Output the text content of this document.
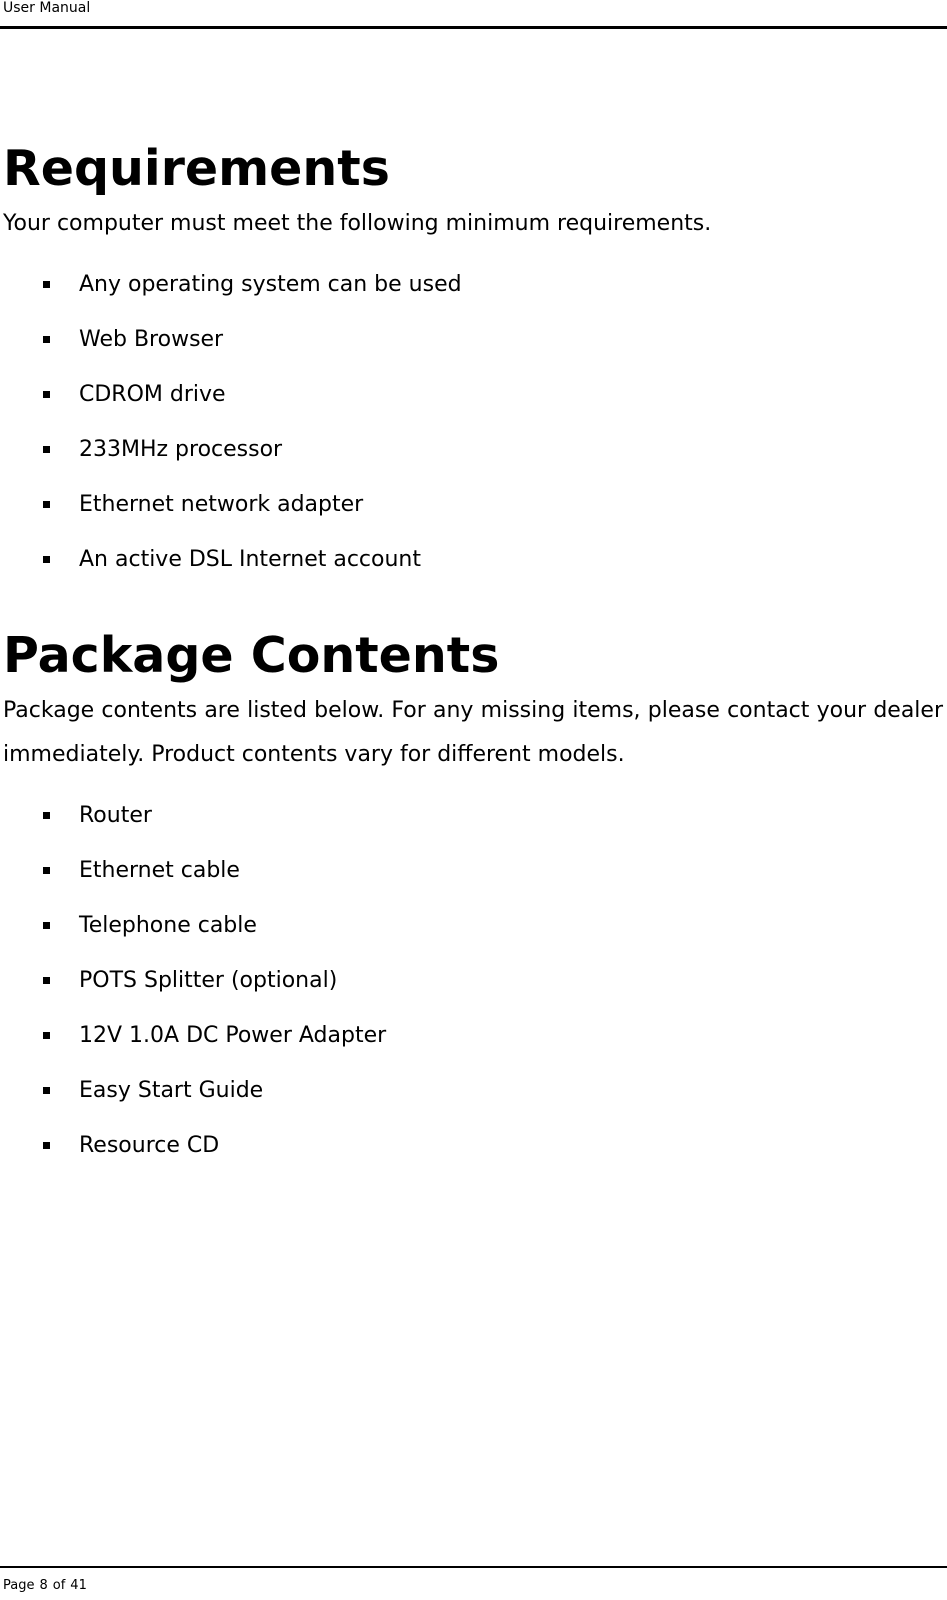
User Manual
Requirements

Your computer must meet the following minimum requirements.

Any operating system can be used
Web Browser
CDROM drive
233MHz processor
Ethernet network adapter
An active DSL Internet account
Package Contents

Package contents are listed below. For any missing items, please contact your dealer immediately. Product contents vary for different models.

Router
Ethernet cable
Telephone cable
POTS Splitter (optional)
12V 1.0A DC Power Adapter
Easy Start Guide
Resource CD
Page 8 of 41
